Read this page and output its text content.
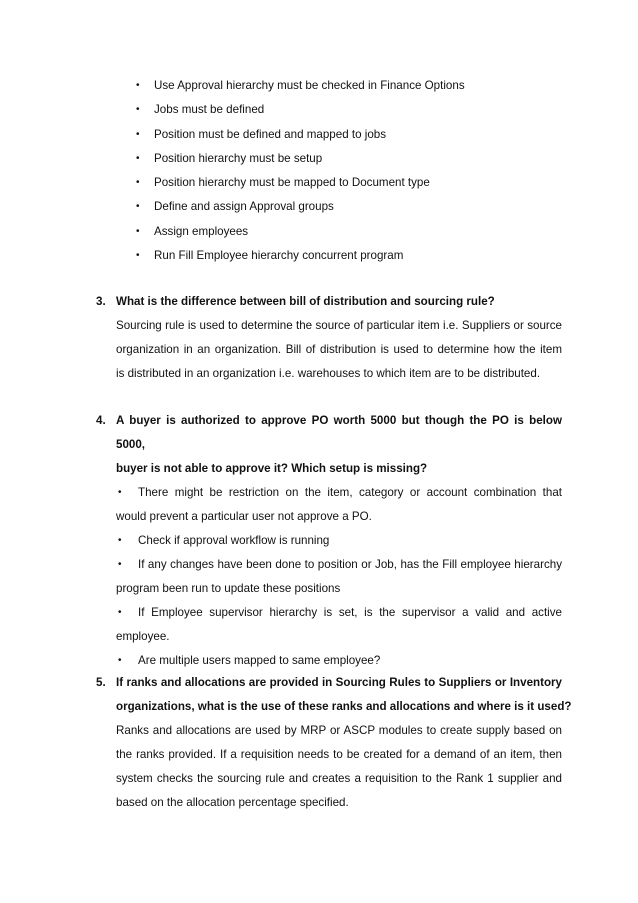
• Use Approval hierarchy must be checked in Finance Options
• Jobs must be defined
• Position must be defined and mapped to jobs
• Position hierarchy must be setup
• Position hierarchy must be mapped to Document type
• Define and assign Approval groups
• Assign employees
• Run Fill Employee hierarchy concurrent program
3. What is the difference between bill of distribution and sourcing rule?
Sourcing rule is used to determine the source of particular item i.e. Suppliers or source
organization in an organization. Bill of distribution is used to determine how the item
is distributed in an organization i.e. warehouses to which item are to be distributed.
4. A buyer is authorized to approve PO worth 5000 but though the PO is below 5000,
buyer is not able to approve it? Which setup is missing?
• There might be restriction on the item, category or account combination that
would prevent a particular user not approve a PO.
• Check if approval workflow is running
• If any changes have been done to position or Job, has the Fill employee hierarchy
program been run to update these positions
• If Employee supervisor hierarchy is set, is the supervisor a valid and active
employee.
• Are multiple users mapped to same employee?
5. If ranks and allocations are provided in Sourcing Rules to Suppliers or Inventory
organizations, what is the use of these ranks and allocations and where is it used?
Ranks and allocations are used by MRP or ASCP modules to create supply based on
the ranks provided. If a requisition needs to be created for a demand of an item, then
system checks the sourcing rule and creates a requisition to the Rank 1 supplier and
based on the allocation percentage specified.
